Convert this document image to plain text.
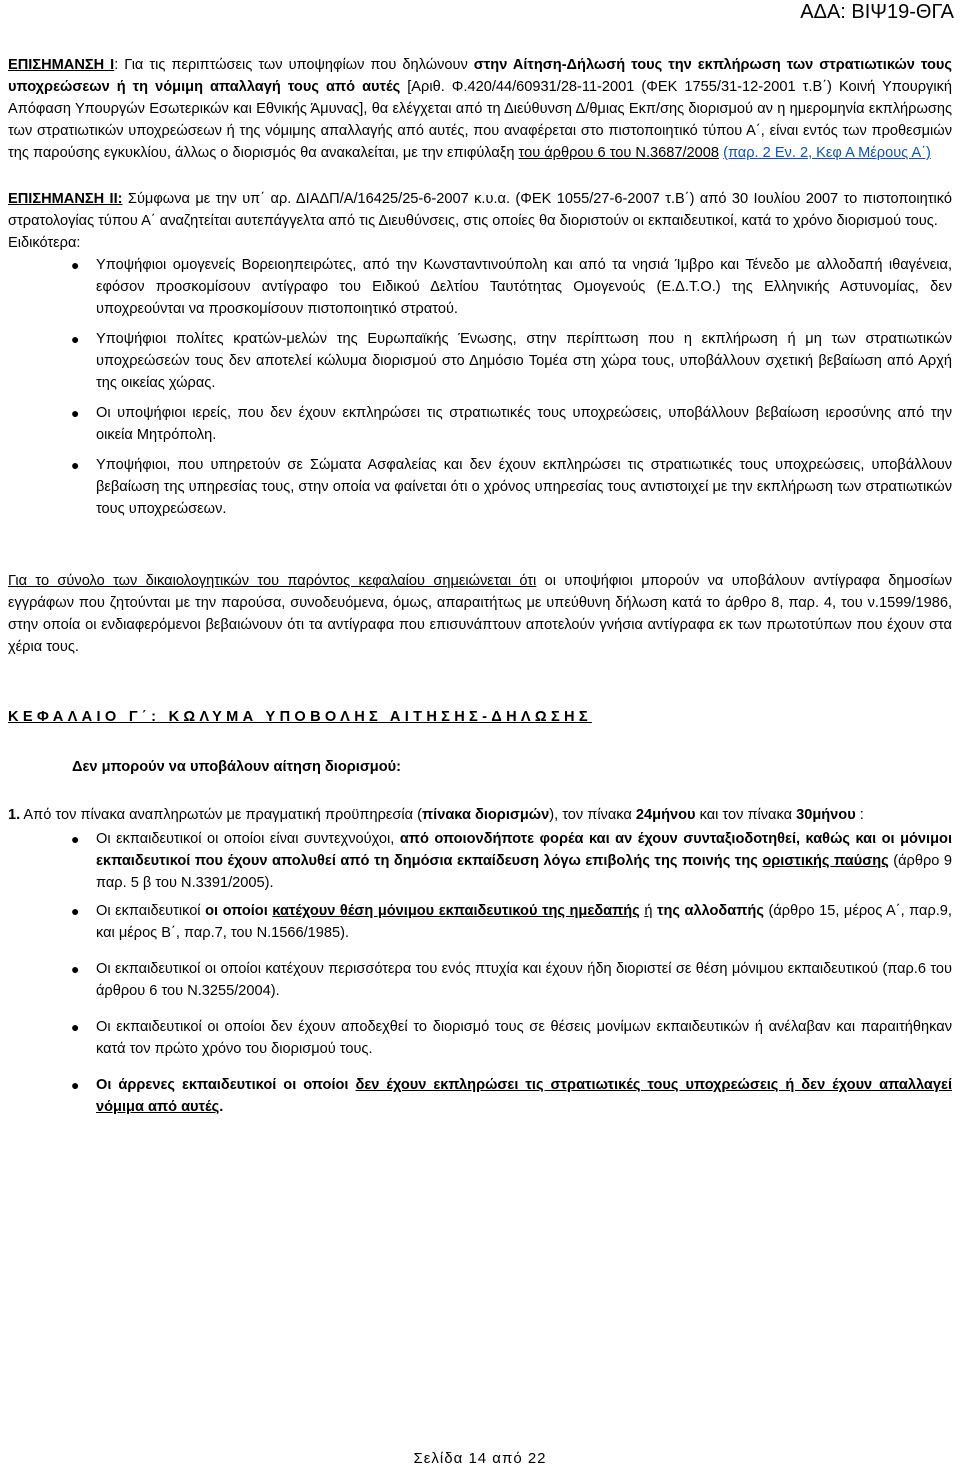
ΑΔΑ: ΒΙΨ19-ΘΓΑ

ΕΠΙΣΗΜΑΝΣΗ Ι: Για τις περιπτώσεις των υποψηφίων που δηλώνουν στην Αίτηση-Δήλωσή τους την εκπλήρωση των στρατιωτικών τους υποχρεώσεων ή τη νόμιμη απαλλαγή τους από αυτές [Αριθ. Φ.420/44/60931/28-11-2001 (ΦΕΚ 1755/31-12-2001 τ.Β΄) Κοινή Υπουργική Απόφαση Υπουργών Εσωτερικών και Εθνικής Άμυνας], θα ελέγχεται από τη Διεύθυνση Δ/θμιας Εκπ/σης διορισμού αν η ημερομηνία εκπλήρωσης των στρατιωτικών υποχρεώσεων ή της νόμιμης απαλλαγής από αυτές, που αναφέρεται στο πιστοποιητικό τύπου Α΄, είναι εντός των προθεσμιών της παρούσης εγκυκλίου, άλλως ο διορισμός θα ανακαλείται, με την επιφύλαξη του άρθρου 6 του Ν.3687/2008 (παρ. 2 Εν. 2, Κεφ Α Μέρους Α΄)

ΕΠΙΣΗΜΑΝΣΗ ΙΙ: Σύμφωνα με την υπ΄ αρ. ΔΙΑΔΠ/Α/16425/25-6-2007 κ.υ.α. (ΦΕΚ 1055/27-6-2007 τ.Β΄) από 30 Ιουλίου 2007 το πιστοποιητικό στρατολογίας τύπου Α΄ αναζητείται αυτεπάγγελτα από τις Διευθύνσεις, στις οποίες θα διοριστούν οι εκπαιδευτικοί, κατά το χρόνο διορισμού τους.

Ειδικότερα:

● Υποψήφιοι ομογενείς Βορειοηπειρώτες, από την Κωνσταντινούπολη και από τα νησιά Ίμβρο και Τένεδο με αλλοδαπή ιθαγένεια, εφόσον προσκομίσουν αντίγραφο του Ειδικού Δελτίου Ταυτότητας Ομογενούς (Ε.Δ.Τ.Ο.) της Ελληνικής Αστυνομίας, δεν υποχρεούνται να προσκομίσουν πιστοποιητικό στρατού.
● Υποψήφιοι πολίτες κρατών-μελών της Ευρωπαϊκής Ένωσης, στην περίπτωση που η εκπλήρωση ή μη των στρατιωτικών υποχρεώσεών τους δεν αποτελεί κώλυμα διορισμού στο Δημόσιο Τομέα στη χώρα τους, υποβάλλουν σχετική βεβαίωση από Αρχή της οικείας χώρας.
● Οι υποψήφιοι ιερείς, που δεν έχουν εκπληρώσει τις στρατιωτικές τους υποχρεώσεις, υποβάλλουν βεβαίωση ιεροσύνης από την οικεία Μητρόπολη.
● Υποψήφιοι, που υπηρετούν σε Σώματα Ασφαλείας και δεν έχουν εκπληρώσει τις στρατιωτικές τους υποχρεώσεις, υποβάλλουν βεβαίωση της υπηρεσίας τους, στην οποία να φαίνεται ότι ο χρόνος υπηρεσίας τους αντιστοιχεί με την εκπλήρωση των στρατιωτικών τους υποχρεώσεων.

Για το σύνολο των δικαιολογητικών του παρόντος κεφαλαίου σημειώνεται ότι οι υποψήφιοι μπορούν να υποβάλουν αντίγραφα δημοσίων εγγράφων που ζητούνται με την παρούσα, συνοδευόμενα, όμως, απαραιτήτως με υπεύθυνη δήλωση κατά το άρθρο 8, παρ. 4, του ν.1599/1986, στην οποία οι ενδιαφερόμενοι βεβαιώνουν ότι τα αντίγραφα που επισυνάπτουν αποτελούν γνήσια αντίγραφα εκ των πρωτοτύπων που έχουν στα χέρια τους.

ΚΕΦΑΛΑΙΟ Γ΄: ΚΩΛΥΜΑ ΥΠΟΒΟΛΗΣ ΑΙΤΗΣΗΣ-ΔΗΛΩΣΗΣ

Δεν μπορούν να υποβάλουν αίτηση διορισμού:

1. Από τον πίνακα αναπληρωτών με πραγματική προϋπηρεσία (πίνακα διορισμών), τον πίνακα 24μήνου και τον πίνακα 30μήνου :

● Οι εκπαιδευτικοί οι οποίοι είναι συντεχνούχοι, από οποιονδήποτε φορέα και αν έχουν συνταξιοδοτηθεί, καθώς και οι μόνιμοι εκπαιδευτικοί που έχουν απολυθεί από τη δημόσια εκπαίδευση λόγω επιβολής της ποινής της οριστικής παύσης (άρθρο 9 παρ. 5 β του Ν.3391/2005).
● Οι εκπαιδευτικοί οι οποίοι κατέχουν θέση μόνιμου εκπαιδευτικού της ημεδαπής ή της αλλοδαπής (άρθρο 15, μέρος Α΄, παρ.9, και μέρος Β΄, παρ.7, του Ν.1566/1985).
● Οι εκπαιδευτικοί οι οποίοι κατέχουν περισσότερα του ενός πτυχία και έχουν ήδη διοριστεί σε θέση μόνιμου εκπαιδευτικού (παρ.6 του άρθρου 6 του Ν.3255/2004).
● Οι εκπαιδευτικοί οι οποίοι δεν έχουν αποδεχθεί το διορισμό τους σε θέσεις μονίμων εκπαιδευτικών ή ανέλαβαν και παραιτήθηκαν κατά τον πρώτο χρόνο του διορισμού τους.
● Οι άρρενες εκπαιδευτικοί οι οποίοι δεν έχουν εκπληρώσει τις στρατιωτικές τους υποχρεώσεις ή δεν έχουν απαλλαγεί νόμιμα από αυτές.
Σελίδα 14 από 22
